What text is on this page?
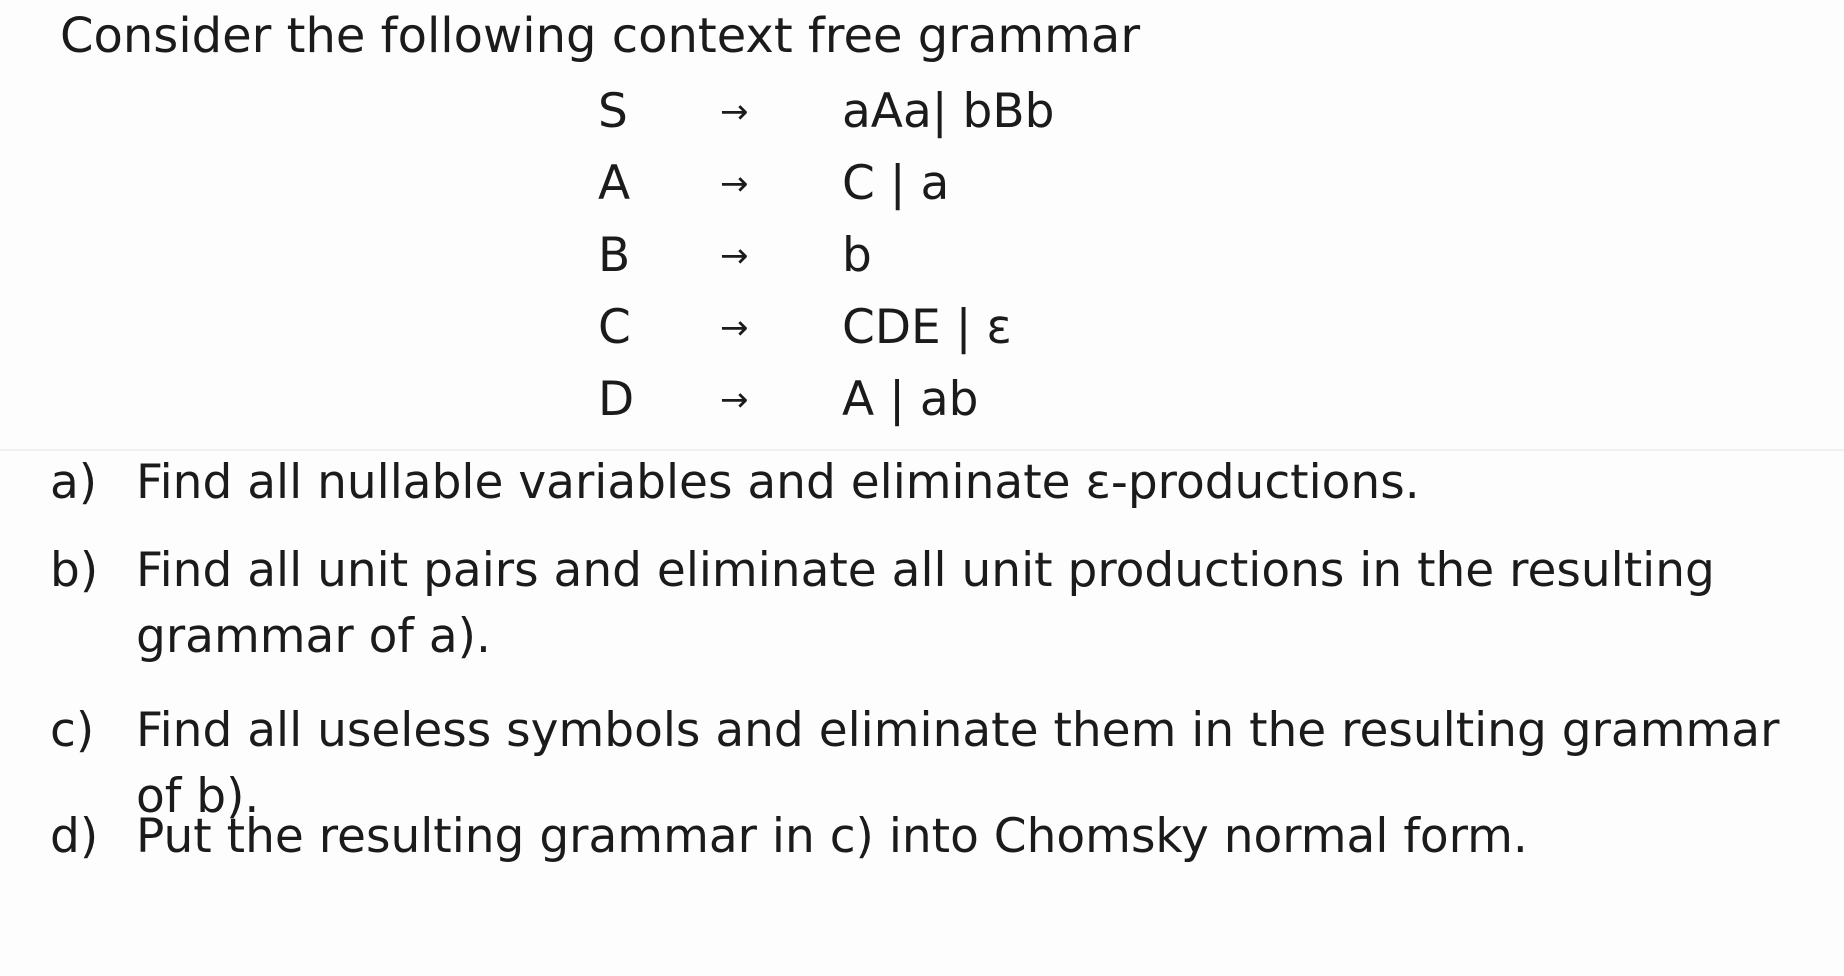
Consider the following context free grammar
S	→ aAa| bBb
A	→ C | a
B	→ b
C	→ CDE | ε
D	→ A | ab
a) Find all nullable variables and eliminate ε-productions.
b) Find all unit pairs and eliminate all unit productions in the resulting grammar of a).
c) Find all useless symbols and eliminate them in the resulting grammar of b).
d) Put the resulting grammar in c) into Chomsky normal form.
